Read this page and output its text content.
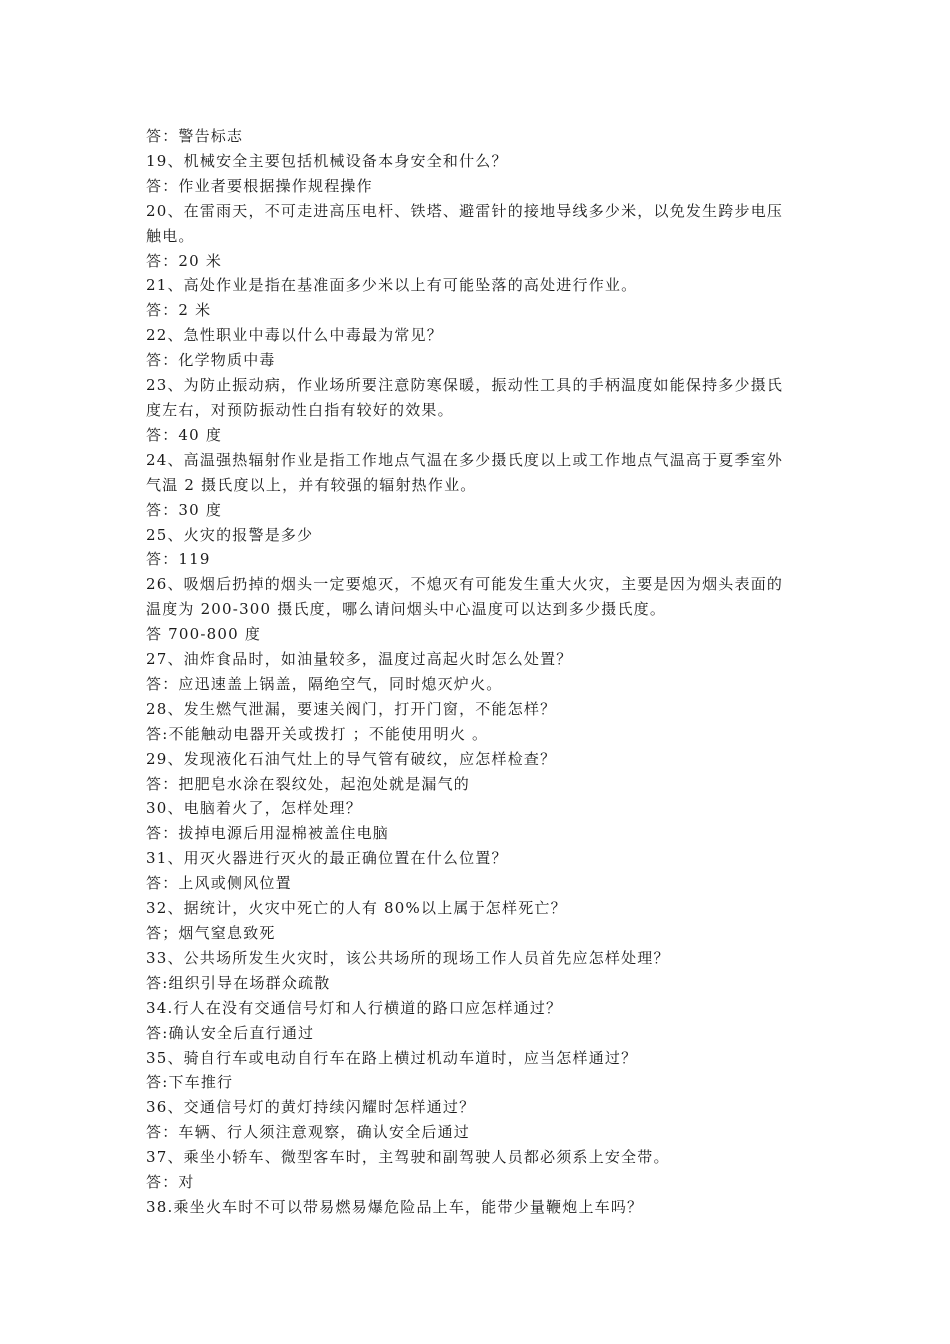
答：警告标志
19、机械安全主要包括机械设备本身安全和什么？
答：作业者要根据操作规程操作
20、在雷雨天，不可走进高压电杆、铁塔、避雷针的接地导线多少米，以免发生跨步电压
触电。
答：20 米
21、高处作业是指在基准面多少米以上有可能坠落的高处进行作业。
答：2 米
22、急性职业中毒以什么中毒最为常见？
答：化学物质中毒
23、为防止振动病，作业场所要注意防寒保暖，振动性工具的手柄温度如能保持多少摄氏
度左右，对预防振动性白指有较好的效果。
答：40 度
24、高温强热辐射作业是指工作地点气温在多少摄氏度以上或工作地点气温高于夏季室外
气温 2 摄氏度以上，并有较强的辐射热作业。
答：30 度
25、火灾的报警是多少
答：119
26、吸烟后扔掉的烟头一定要熄灭，不熄灭有可能发生重大火灾，主要是因为烟头表面的
温度为 200-300 摄氏度，哪么请问烟头中心温度可以达到多少摄氏度。
答 700-800 度
27、油炸食品时，如油量较多，温度过高起火时怎么处置？
答：应迅速盖上锅盖，隔绝空气，同时熄灭炉火。
28、发生燃气泄漏，要速关阀门，打开门窗，不能怎样？
答:不能触动电器开关或拨打 ；不能使用明火 。
29、发现液化石油气灶上的导气管有破纹，应怎样检查？
答：把肥皂水涂在裂纹处，起泡处就是漏气的
30、电脑着火了，怎样处理？
答：拔掉电源后用湿棉被盖住电脑
31、用灭火器进行灭火的最正确位置在什么位置？
答：上风或侧风位置
32、据统计，火灾中死亡的人有 80%以上属于怎样死亡？
答；烟气窒息致死
33、公共场所发生火灾时，该公共场所的现场工作人员首先应怎样处理？
答:组织引导在场群众疏散
34.行人在没有交通信号灯和人行横道的路口应怎样通过？
答:确认安全后直行通过
35、骑自行车或电动自行车在路上横过机动车道时，应当怎样通过？
答:下车推行
36、交通信号灯的黄灯持续闪耀时怎样通过？
答：车辆、行人须注意观察，确认安全后通过
37、乘坐小轿车、微型客车时，主驾驶和副驾驶人员都必须系上安全带。
答：对
38.乘坐火车时不可以带易燃易爆危险品上车，能带少量鞭炮上车吗？
